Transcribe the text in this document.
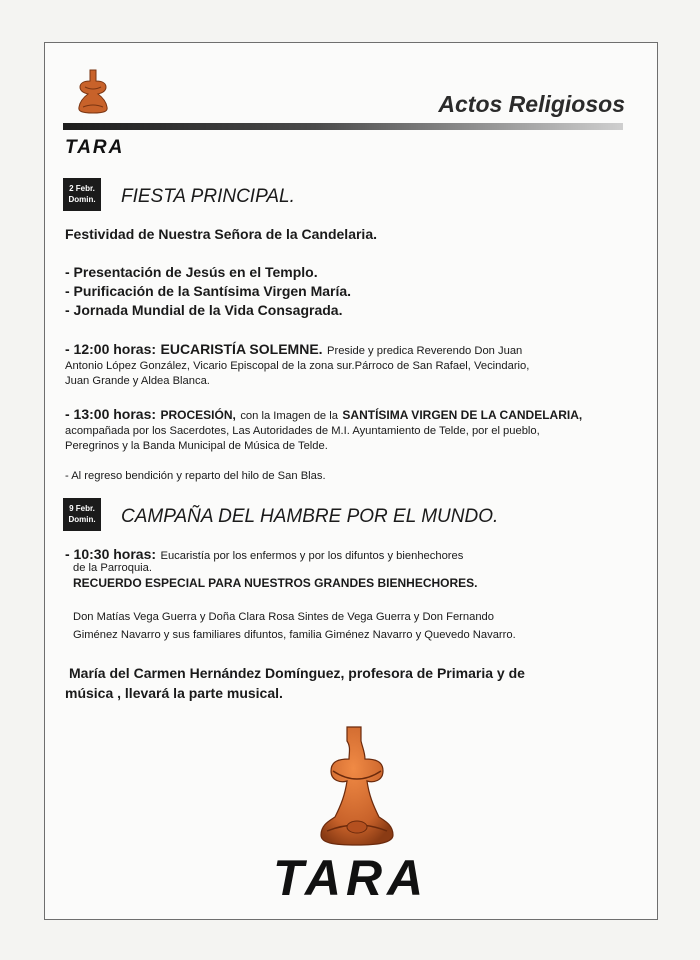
Actos Religiosos
TARA
2 Febr.
Domin. FIESTA PRINCIPAL.
Festividad de Nuestra Señora de la Candelaria.
- Presentación de Jesús en el Templo.
- Purificación de la Santísima Virgen María.
- Jornada Mundial de la Vida Consagrada.
- 12:00 horas: EUCARISTÍA SOLEMNE. Preside y predica Reverendo Don Juan
Antonio López González, Vicario Episcopal de la zona sur.Párroco de San Rafael, Vecindario,
Juan Grande y Aldea Blanca.
- 13:00 horas: PROCESIÓN, con la Imagen de la SANTÍSIMA VIRGEN DE LA CANDELARIA,
acompañada por los Sacerdotes, Las Autoridades de M.I. Ayuntamiento de Telde, por el pueblo,
Peregrinos y la Banda Municipal de Música de Telde.
- Al regreso bendición y reparto del hilo de San Blas.
9 Febr.
Domin. CAMPAÑA DEL HAMBRE POR EL MUNDO.
- 10:30 horas: Eucaristía por los enfermos y por los difuntos y bienhechores
de la Parroquia.
RECUERDO ESPECIAL PARA NUESTROS GRANDES BIENHECHORES.
Don Matías Vega Guerra y Doña Clara Rosa Sintes de Vega Guerra y Don Fernando
Giménez Navarro y sus familiares difuntos, familia Giménez Navarro y Quevedo Navarro.
María del Carmen Hernández Domínguez, profesora de Primaria y de
música , llevará la parte musical.
TARA
